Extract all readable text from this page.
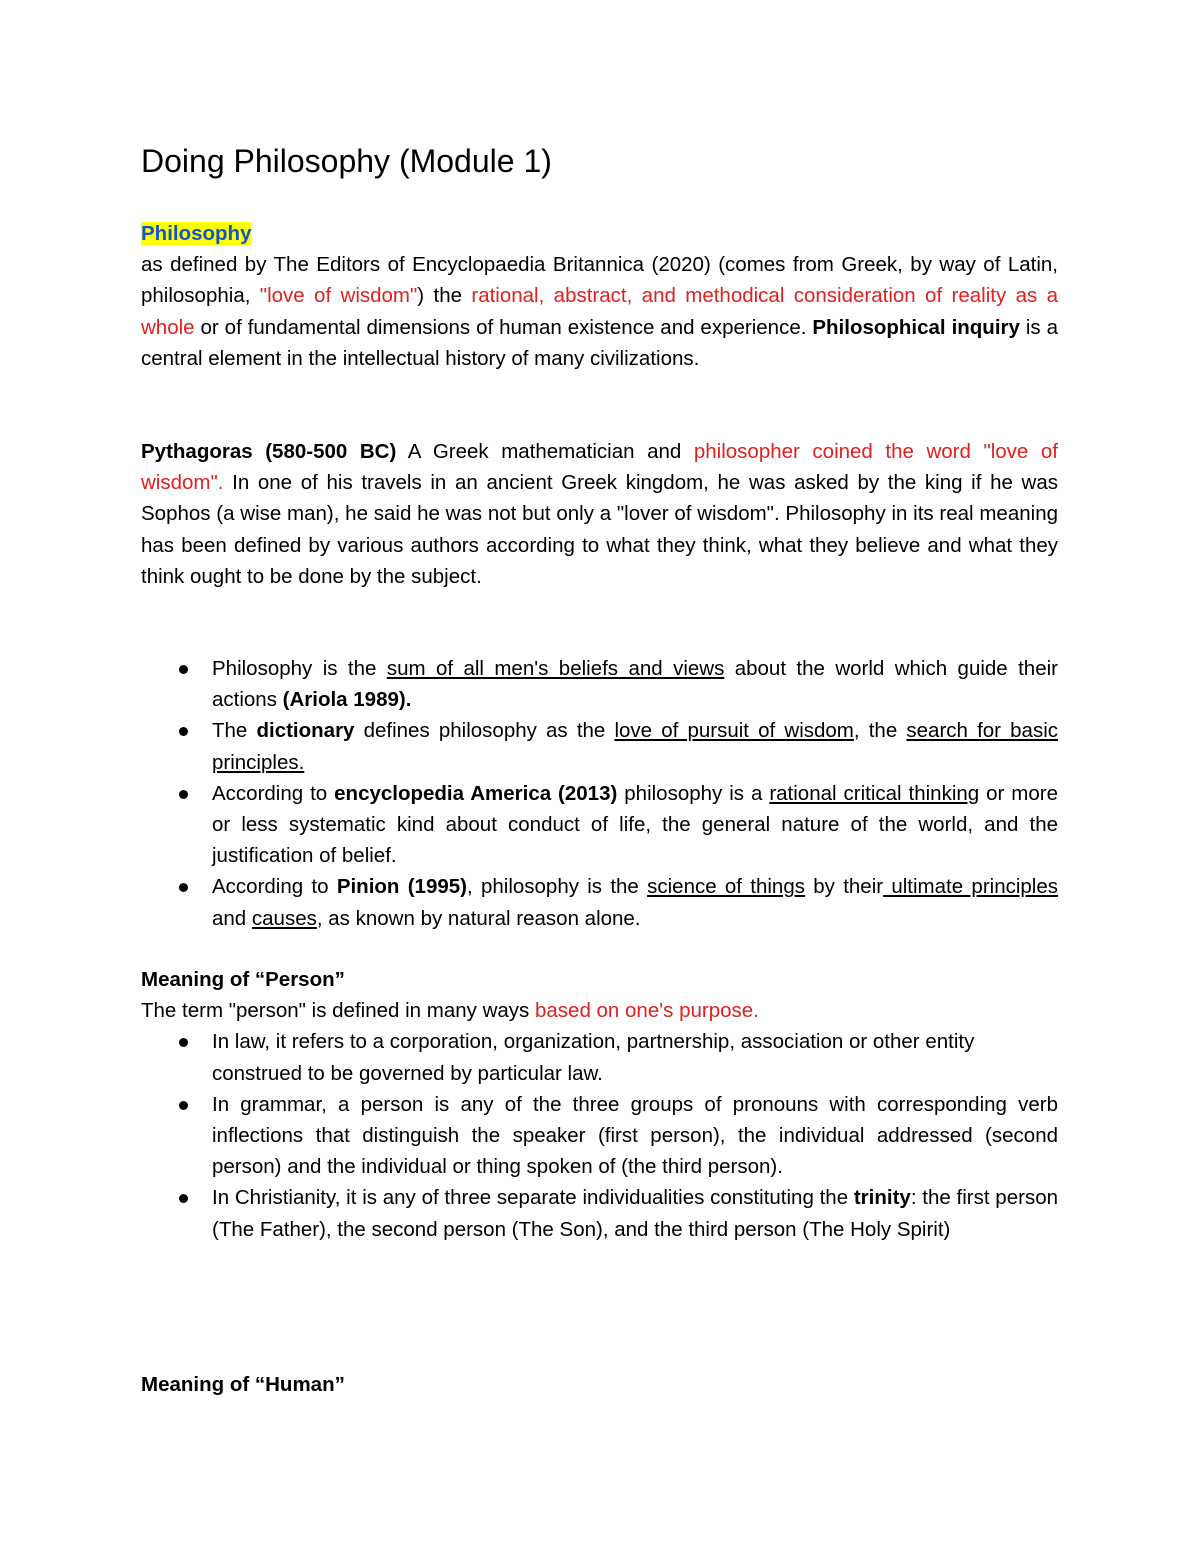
Doing Philosophy (Module 1)
Philosophy
as defined by The Editors of Encyclopaedia Britannica (2020) (comes from Greek, by way of Latin, philosophia, "love of wisdom") the rational, abstract, and methodical consideration of reality as a whole or of fundamental dimensions of human existence and experience. Philosophical inquiry is a central element in the intellectual history of many civilizations.
Pythagoras (580-500 BC) A Greek mathematician and philosopher coined the word "love of wisdom". In one of his travels in an ancient Greek kingdom, he was asked by the king if he was Sophos (a wise man), he said he was not but only a "lover of wisdom". Philosophy in its real meaning has been defined by various authors according to what they think, what they believe and what they think ought to be done by the subject.
Philosophy is the sum of all men's beliefs and views about the world which guide their actions (Ariola 1989).
The dictionary defines philosophy as the love of pursuit of wisdom, the search for basic principles.
According to encyclopedia America (2013) philosophy is a rational critical thinking or more or less systematic kind about conduct of life, the general nature of the world, and the justification of belief.
According to Pinion (1995), philosophy is the science of things by their ultimate principles and causes, as known by natural reason alone.
Meaning of “Person”
The term "person" is defined in many ways based on one's purpose.
In law, it refers to a corporation, organization, partnership, association or other entity construed to be governed by particular law.
In grammar, a person is any of the three groups of pronouns with corresponding verb inflections that distinguish the speaker (first person), the individual addressed (second person) and the individual or thing spoken of (the third person).
In Christianity, it is any of three separate individualities constituting the trinity: the first person (The Father), the second person (The Son), and the third person (The Holy Spirit)
Meaning of “Human”
